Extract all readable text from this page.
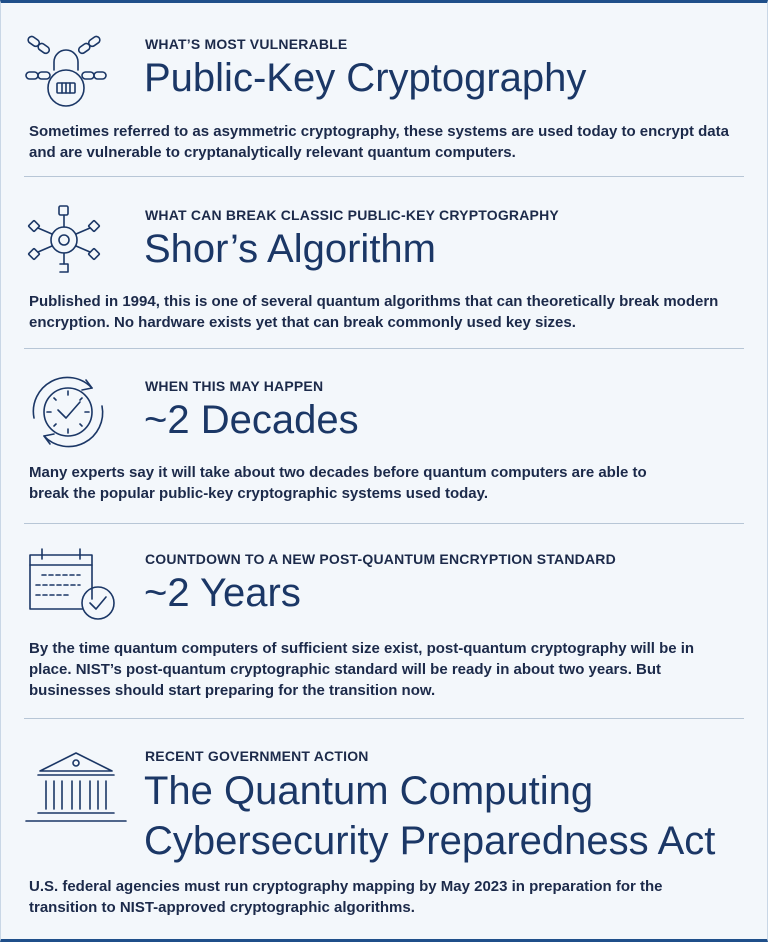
WHAT’S MOST VULNERABLE
Public-Key Cryptography
Sometimes referred to as asymmetric cryptography, these systems are used today to encrypt data and are vulnerable to cryptanalytically relevant quantum computers.
WHAT CAN BREAK CLASSIC PUBLIC-KEY CRYPTOGRAPHY
Shor’s Algorithm
Published in 1994, this is one of several quantum algorithms that can theoretically break modern encryption. No hardware exists yet that can break commonly used key sizes.
WHEN THIS MAY HAPPEN
~2 Decades
Many experts say it will take about two decades before quantum computers are able to break the popular public-key cryptographic systems used today.
COUNTDOWN TO A NEW POST-QUANTUM ENCRYPTION STANDARD
~2 Years
By the time quantum computers of sufficient size exist, post-quantum cryptography will be in place. NIST’s post-quantum cryptographic standard will be ready in about two years. But businesses should start preparing for the transition now.
RECENT GOVERNMENT ACTION
The Quantum Computing
Cybersecurity Preparedness Act
U.S. federal agencies must run cryptography mapping by May 2023 in preparation for the transition to NIST-approved cryptographic algorithms.
